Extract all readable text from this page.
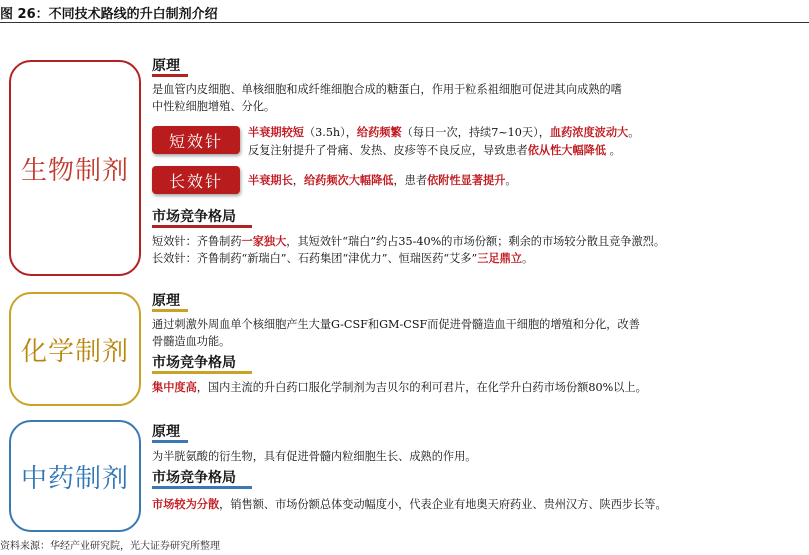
图 26：不同技术路线的升白制剂介绍
生物制剂
原理
是血管内皮细胞、单核细胞和成纤维细胞合成的糖蛋白，作用于粒系祖细胞可促进其向成熟的嗜
中性粒细胞增殖、分化。
短效针	半衰期较短（3.5h），给药频繁（每日一次，持续7~10天），血药浓度波动大。
反复注射提升了骨痛、发热、皮疹等不良反应，导致患者依从性大幅降低 。
长效针	半衰期长，给药频次大幅降低，患者依附性显著提升。
市场竞争格局
短效针：齐鲁制药一家独大，其短效针“瑞白”约占35-40%的市场份额；剩余的市场较分散且竞争激烈。
长效针：齐鲁制药“新瑞白”、石药集团“津优力”、恒瑞医药“艾多”三足鼎立。
化学制剂
原理
通过刺激外周血单个核细胞产生大量G-CSF和GM-CSF而促进骨髓造血干细胞的增殖和分化，改善
骨髓造血功能。
市场竞争格局
集中度高，国内主流的升白药口服化学制剂为吉贝尔的利可君片，在化学升白药市场份额80%以上。
中药制剂
原理
为半胱氨酸的衍生物，具有促进骨髓内粒细胞生长、成熟的作用。
市场竞争格局
市场较为分散，销售额、市场份额总体变动幅度小，代表企业有地奥天府药业、贵州汉方、陕西步长等。
资料来源：华经产业研究院，光大证券研究所整理
